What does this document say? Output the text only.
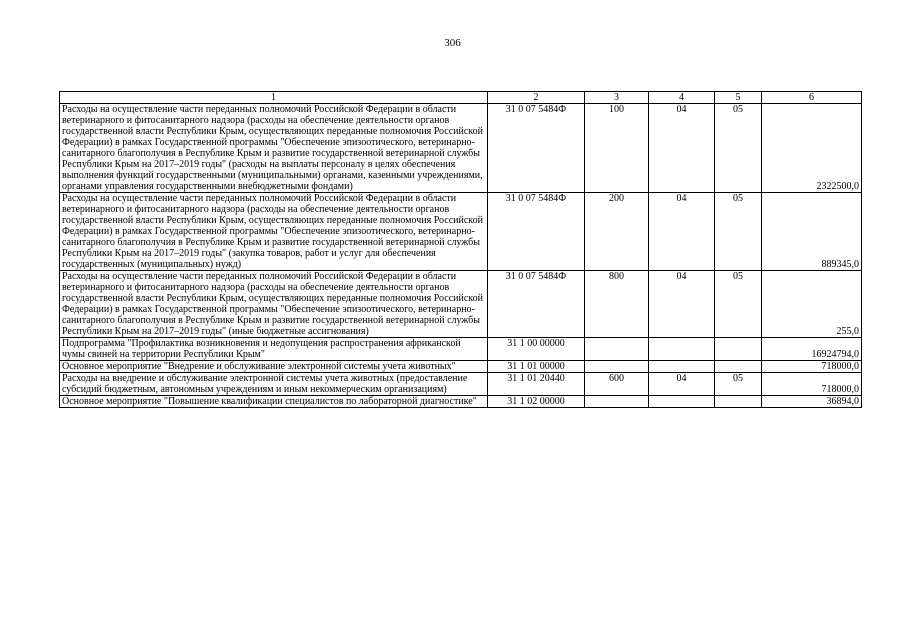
306
1	2	3	4	5	6
Расходы на осуществление части переданных полномочий Российской Федерации в области ветеринарного и фитосанитарного надзора (расходы на обеспечение деятельности органов государственной власти Республики Крым, осуществляющих переданные полномочия Российской Федерации) в рамках Государственной программы "Обеспечение эпизоотического, ветеринарно-санитарного благополучия в Республике Крым и развитие государственной ветеринарной службы Республики Крым на 2017–2019 годы" (расходы на выплаты персоналу в целях обеспечения выполнения функций государственными (муниципальными) органами, казенными учреждениями, органами управления государственными внебюджетными фондами)	31 0 07 5484Ф	100	04	05	2322500,0
Расходы на осуществление части переданных полномочий Российской Федерации в области ветеринарного и фитосанитарного надзора (расходы на обеспечение деятельности органов государственной власти Республики Крым, осуществляющих переданные полномочия Российской Федерации) в рамках Государственной программы "Обеспечение эпизоотического, ветеринарно-санитарного благополучия в Республике Крым и развитие государственной ветеринарной службы Республики Крым на 2017–2019 годы" (закупка товаров, работ и услуг для обеспечения государственных (муниципальных) нужд)	31 0 07 5484Ф	200	04	05	889345,0
Расходы на осуществление части переданных полномочий Российской Федерации в области ветеринарного и фитосанитарного надзора (расходы на обеспечение деятельности органов государственной власти Республики Крым, осуществляющих переданные полномочия Российской Федерации) в рамках Государственной программы "Обеспечение эпизоотического, ветеринарно-санитарного благополучия в Республике Крым и развитие государственной ветеринарной службы Республики Крым на 2017–2019 годы" (иные бюджетные ассигнования)	31 0 07 5484Ф	800	04	05	255,0
Подпрограмма "Профилактика возникновения и недопущения распространения африканской чумы свиней на территории Республики Крым"	31 1 00 00000				16924794,0
Основное мероприятие "Внедрение и обслуживание электронной системы учета животных"	31 1 01 00000				718000,0
Расходы на внедрение и обслуживание электронной системы учета животных (предоставление субсидий бюджетным, автономным учреждениям и иным некоммерческим организациям)	31 1 01 20440	600	04	05	718000,0
Основное мероприятие "Повышение квалификации специалистов по лабораторной диагностике"	31 1 02 00000				36894,0
